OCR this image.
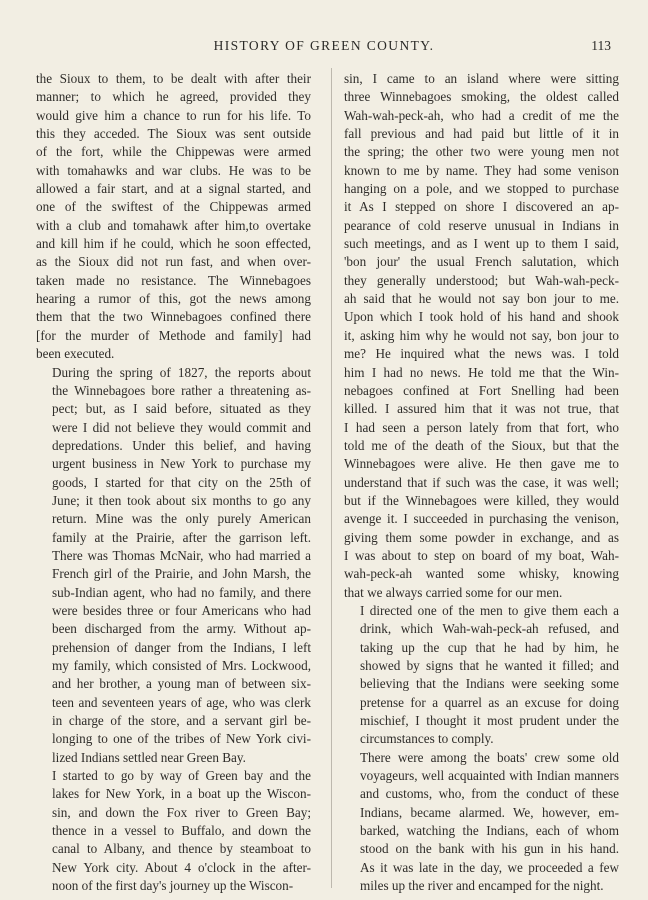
HISTORY OF GREEN COUNTY.	113

the Sioux to them, to be dealt with after their
manner; to which he agreed, provided they
would give him a chance to run for his life. To
this they acceded. The Sioux was sent outside
of the fort, while the Chippewas were armed
with tomahawks and war clubs. He was to be
allowed a fair start, and at a signal started, and
one of the swiftest of the Chippewas armed
with a club and tomahawk after him,to overtake
and kill him if he could, which he soon effected,
as the Sioux did not run fast, and when over-
taken made no resistance. The Winnebagoes
hearing a rumor of this, got the news among
them that the two Winnebagoes confined there
[for the murder of Methode and family] had
been executed.

During the spring of 1827, the reports about
the Winnebagoes bore rather a threatening as-
pect; but, as I said before, situated as they
were I did not believe they would commit and
depredations. Under this belief, and having
urgent business in New York to purchase my
goods, I started for that city on the 25th of
June; it then took about six months to go any
return. Mine was the only purely American
family at the Prairie, after the garrison left.
There was Thomas McNair, who had married a
French girl of the Prairie, and John Marsh, the
sub-Indian agent, who had no family, and there
were besides three or four Americans who had
been discharged from the army. Without ap-
prehension of danger from the Indians, I left
my family, which consisted of Mrs. Lockwood,
and her brother, a young man of between six-
teen and seventeen years of age, who was clerk
in charge of the store, and a servant girl be-
longing to one of the tribes of New York civi-
lized Indians settled near Green Bay.

I started to go by way of Green bay and the
lakes for New York, in a boat up the Wiscon-
sin, and down the Fox river to Green Bay;
thence in a vessel to Buffalo, and down the
canal to Albany, and thence by steamboat to
New York city. About 4 o'clock in the after-
noon of the first day's journey up the Wiscon-

sin, I came to an island where were sitting
three Winnebagoes smoking, the oldest called
Wah-wah-peck-ah, who had a credit of me the
fall previous and had paid but little of it in
the spring; the other two were young men not
known to me by name. They had some venison
hanging on a pole, and we stopped to purchase
it As I stepped on shore I discovered an ap-
pearance of cold reserve unusual in Indians in
such meetings, and as I went up to them I said,
'bon jour' the usual French salutation, which
they generally understood; but Wah-wah-peck-
ah said that he would not say bon jour to me.
Upon which I took hold of his hand and shook
it, asking him why he would not say, bon jour to
me? He inquired what the news was. I told
him I had no news. He told me that the Win-
nebagoes confined at Fort Snelling had been
killed. I assured him that it was not true, that
I had seen a person lately from that fort, who
told me of the death of the Sioux, but that the
Winnebagoes were alive. He then gave me to
understand that if such was the case, it was well;
but if the Winnebagoes were killed, they would
avenge it. I succeeded in purchasing the venison,
giving them some powder in exchange, and as
I was about to step on board of my boat, Wah-
wah-peck-ah wanted some whisky, knowing
that we always carried some for our men.

I directed one of the men to give them each a
drink, which Wah-wah-peck-ah refused, and
taking up the cup that he had by him, he
showed by signs that he wanted it filled; and
believing that the Indians were seeking some
pretense for a quarrel as an excuse for doing
mischief, I thought it most prudent under the
circumstances to comply.

There were among the boats' crew some old
voyageurs, well acquainted with Indian manners
and customs, who, from the conduct of these
Indians, became alarmed. We, however, em-
barked, watching the Indians, each of whom
stood on the bank with his gun in his hand.
As it was late in the day, we proceeded a few
miles up the river and encamped for the night.
